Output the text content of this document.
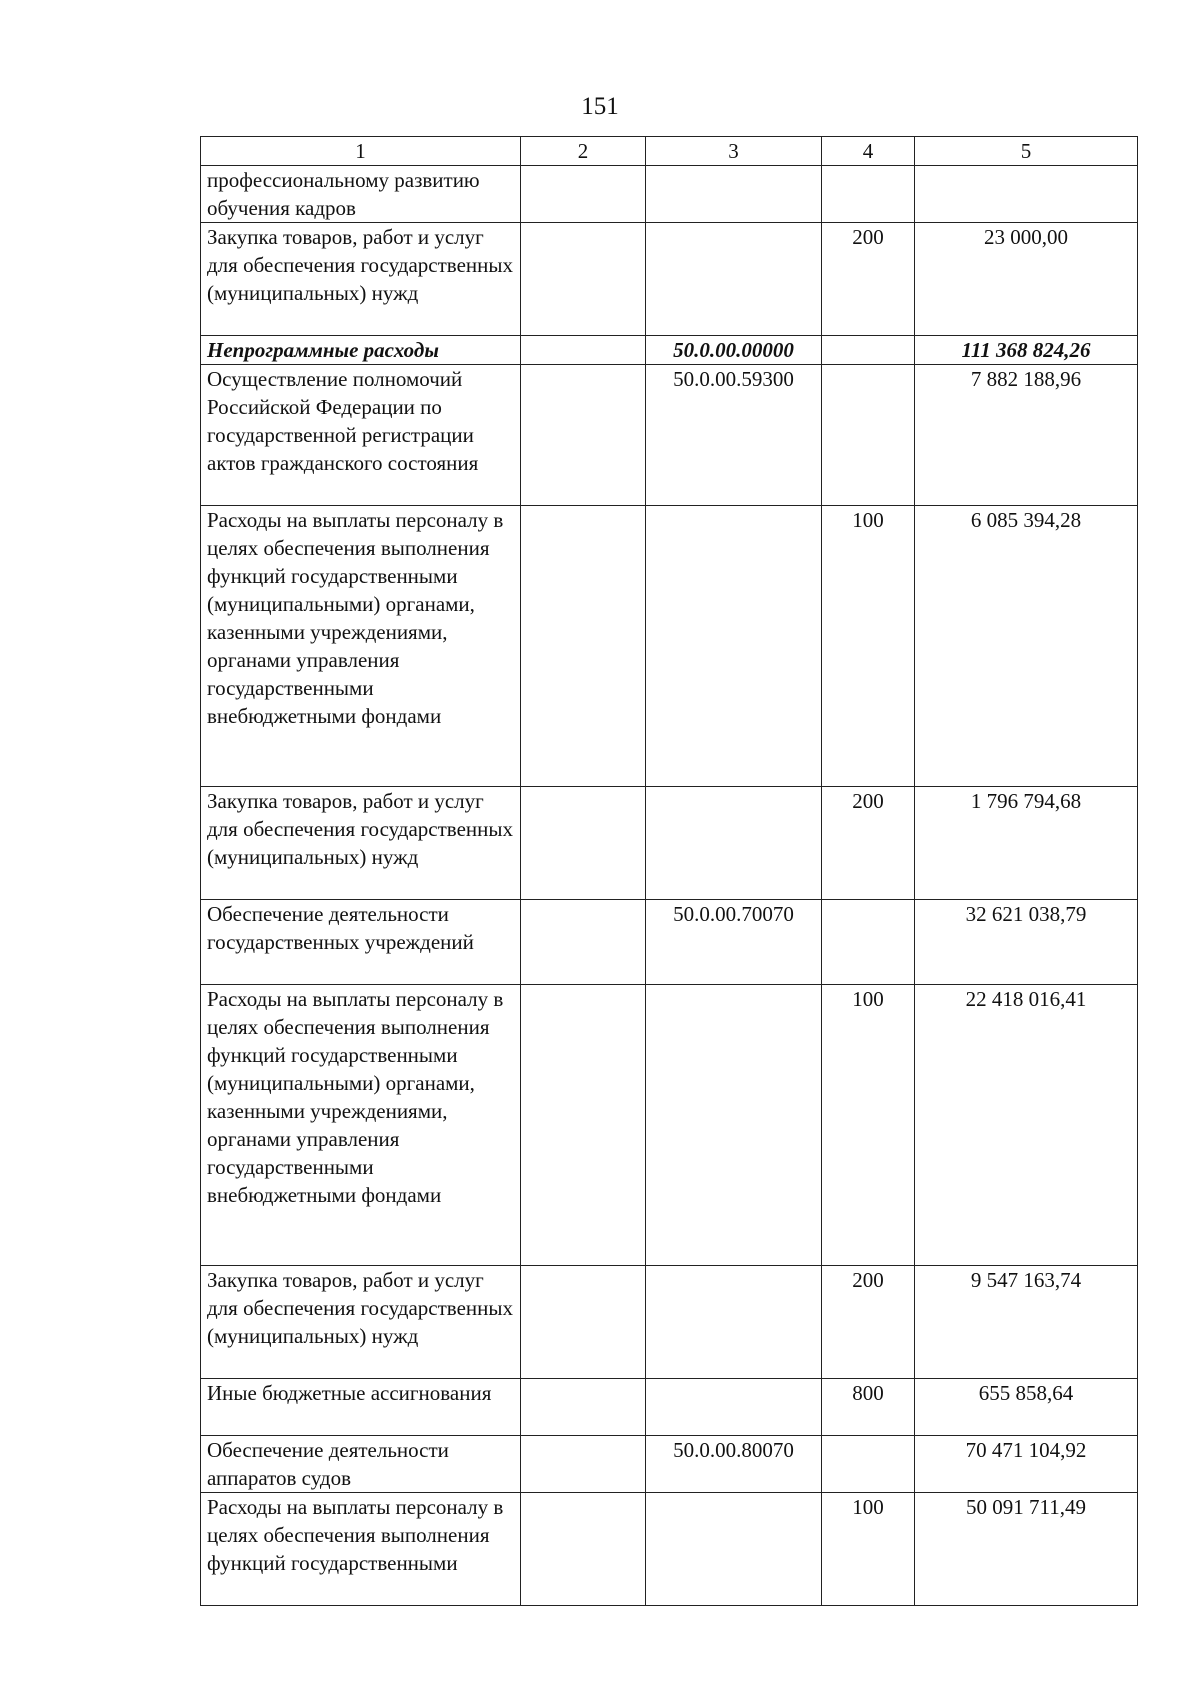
151
1	2	3	4	5
профессиональному развитию обучения кадров				
Закупка товаров, работ и услуг для обеспечения государственных (муниципальных) нужд			200	23 000,00
Непрограммные расходы		50.0.00.00000		111 368 824,26
Осуществление полномочий Российской Федерации по государственной регистрации актов гражданского состояния		50.0.00.59300		7 882 188,96
Расходы на выплаты персоналу в целях обеспечения выполнения функций государственными (муниципальными) органами, казенными учреждениями, органами управления государственными внебюджетными фондами			100	6 085 394,28
Закупка товаров, работ и услуг для обеспечения государственных (муниципальных) нужд			200	1 796 794,68
Обеспечение деятельности государственных учреждений		50.0.00.70070		32 621 038,79
Расходы на выплаты персоналу в целях обеспечения выполнения функций государственными (муниципальными) органами, казенными учреждениями, органами управления государственными внебюджетными фондами			100	22 418 016,41
Закупка товаров, работ и услуг для обеспечения государственных (муниципальных) нужд			200	9 547 163,74
Иные бюджетные ассигнования			800	655 858,64
Обеспечение деятельности аппаратов судов		50.0.00.80070		70 471 104,92
Расходы на выплаты персоналу в целях обеспечения выполнения функций государственными			100	50 091 711,49
